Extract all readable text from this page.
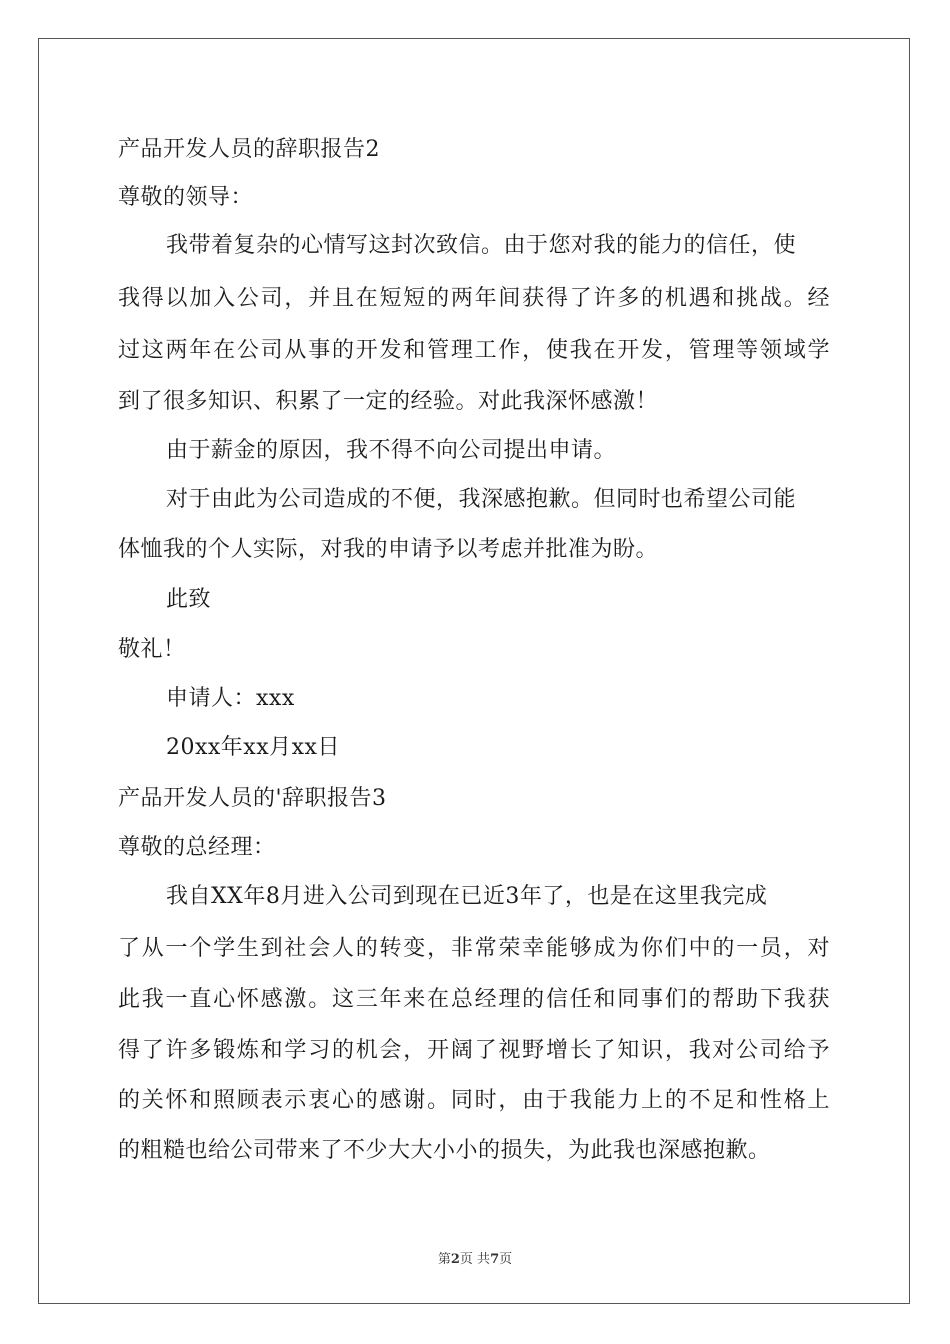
产品开发人员的辞职报告2
尊敬的领导：
我带着复杂的心情写这封次致信。由于您对我的能力的信任，使
我得以加入公司，并且在短短的两年间获得了许多的机遇和挑战。经
过这两年在公司从事的开发和管理工作，使我在开发，管理等领域学
到了很多知识、积累了一定的经验。对此我深怀感激！
由于薪金的原因，我不得不向公司提出申请。
对于由此为公司造成的不便，我深感抱歉。但同时也希望公司能
体恤我的个人实际，对我的申请予以考虑并批准为盼。
此致
敬礼！
申请人：xxx
20xx年xx月xx日
产品开发人员的'辞职报告3
尊敬的总经理：
我自XX年8月进入公司到现在已近3年了，也是在这里我完成
了从一个学生到社会人的转变，非常荣幸能够成为你们中的一员，对
此我一直心怀感激。这三年来在总经理的信任和同事们的帮助下我获
得了许多锻炼和学习的机会，开阔了视野增长了知识，我对公司给予
的关怀和照顾表示衷心的感谢。同时，由于我能力上的不足和性格上
的粗糙也给公司带来了不少大大小小的损失，为此我也深感抱歉。
第2页 共7页
